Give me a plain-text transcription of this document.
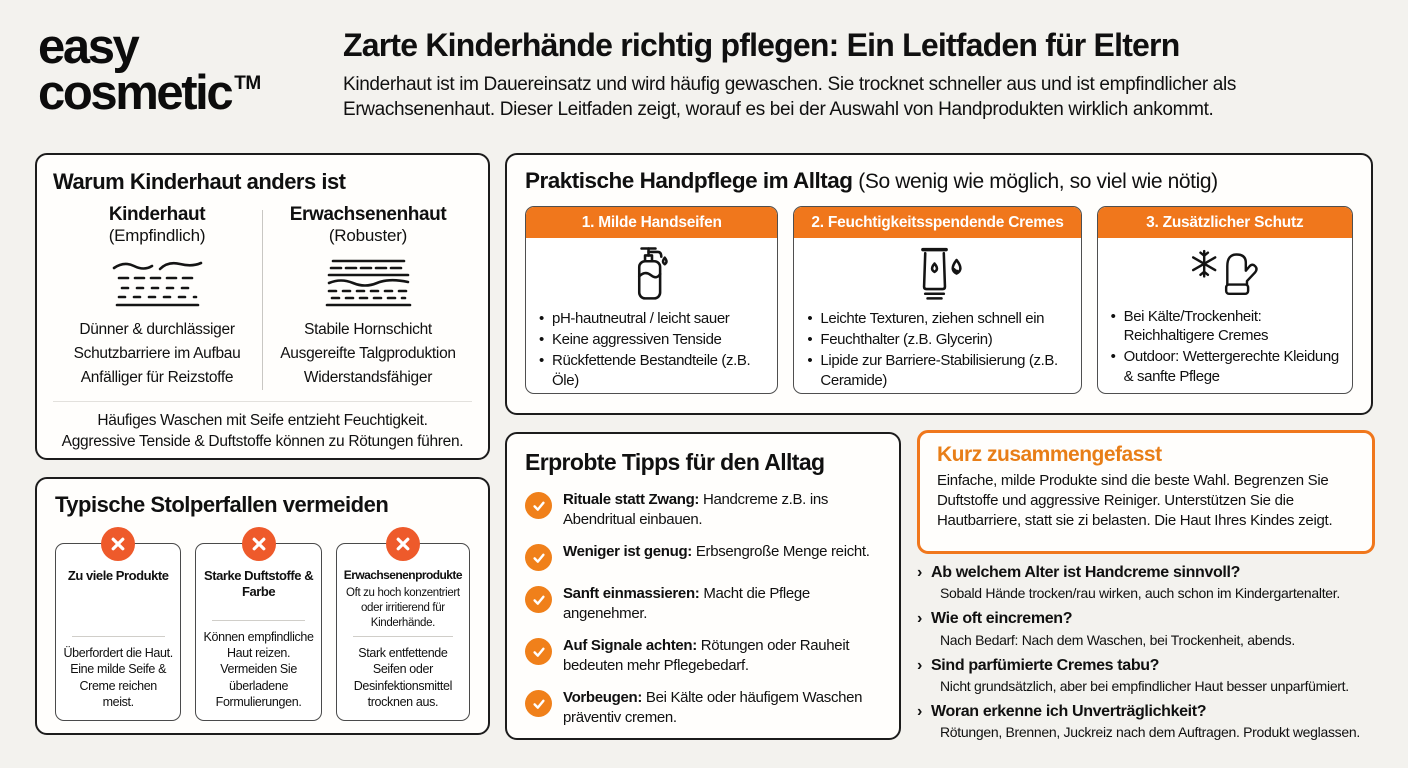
easy
cosmetic ™
Zarte Kinderhände richtig pflegen: Ein Leitfaden für Eltern
Kinderhaut ist im Dauereinsatz und wird häufig gewaschen. Sie trocknet schneller aus und ist empfindlicher als
Erwachsenenhaut. Dieser Leitfaden zeigt, worauf es bei der Auswahl von Handprodukten wirklich ankommt.
Warum Kinderhaut anders ist
Kinderhaut
(Empfindlich)
Dünner & durchlässiger
Schutzbarriere im Aufbau
Anfälliger für Reizstoffe
Erwachsenenhaut
(Robuster)
Stabile Hornschicht
Ausgereifte Talgproduktion
Widerstandsfähiger
Häufiges Waschen mit Seife entzieht Feuchtigkeit.
Aggressive Tenside & Duftstoffe können zu Rötungen führen.
Typische Stolperfallen vermeiden
Zu viele Produkte
Überfordert die Haut. Eine milde Seife & Creme reichen meist.
Starke Duftstoffe & Farbe
Können empfindliche Haut reizen. Vermeiden Sie überladene Formulierungen.
Erwachsenenprodukte
Oft zu hoch konzentriert oder irritierend für Kinderhände.
Stark entfettende Seifen oder Desinfektionsmittel trocknen aus.
Praktische Handpflege im Alltag (So wenig wie möglich, so viel wie nötig)
1. Milde Handseifen
• pH-hautneutral / leicht sauer
• Keine aggressiven Tenside
• Rückfettende Bestandteile (z.B. Öle)
2. Feuchtigkeitsspendende Cremes
• Leichte Texturen, ziehen schnell ein
• Feuchthalter (z.B. Glycerin)
• Lipide zur Barriere-Stabilisierung (z.B. Ceramide)
3. Zusätzlicher Schutz
• Bei Kälte/Trockenheit: Reichhaltigere Cremes
• Outdoor: Wettergerechte Kleidung & sanfte Pflege
Erprobte Tipps für den Alltag
Rituale statt Zwang: Handcreme z.B. ins Abendritual einbauen.
Weniger ist genug: Erbsengroße Menge reicht.
Sanft einmassieren: Macht die Pflege angenehmer.
Auf Signale achten: Rötungen oder Rauheit bedeuten mehr Pflegebedarf.
Vorbeugen: Bei Kälte oder häufigem Waschen präventiv cremen.
Kurz zusammengefasst
Einfache, milde Produkte sind die beste Wahl. Begrenzen Sie Duftstoffe und aggressive Reiniger. Unterstützen Sie die Hautbarriere, statt sie zi belasten. Die Haut Ihres Kindes zeigt.
› Ab welchem Alter ist Handcreme sinnvoll?
Sobald Hände trocken/rau wirken, auch schon im Kindergartenalter.
› Wie oft eincremen?
Nach Bedarf: Nach dem Waschen, bei Trockenheit, abends.
› Sind parfümierte Cremes tabu?
Nicht grundsätzlich, aber bei empfindlicher Haut besser unparfümiert.
› Woran erkenne ich Unverträglichkeit?
Rötungen, Brennen, Juckreiz nach dem Auftragen. Produkt weglassen.
